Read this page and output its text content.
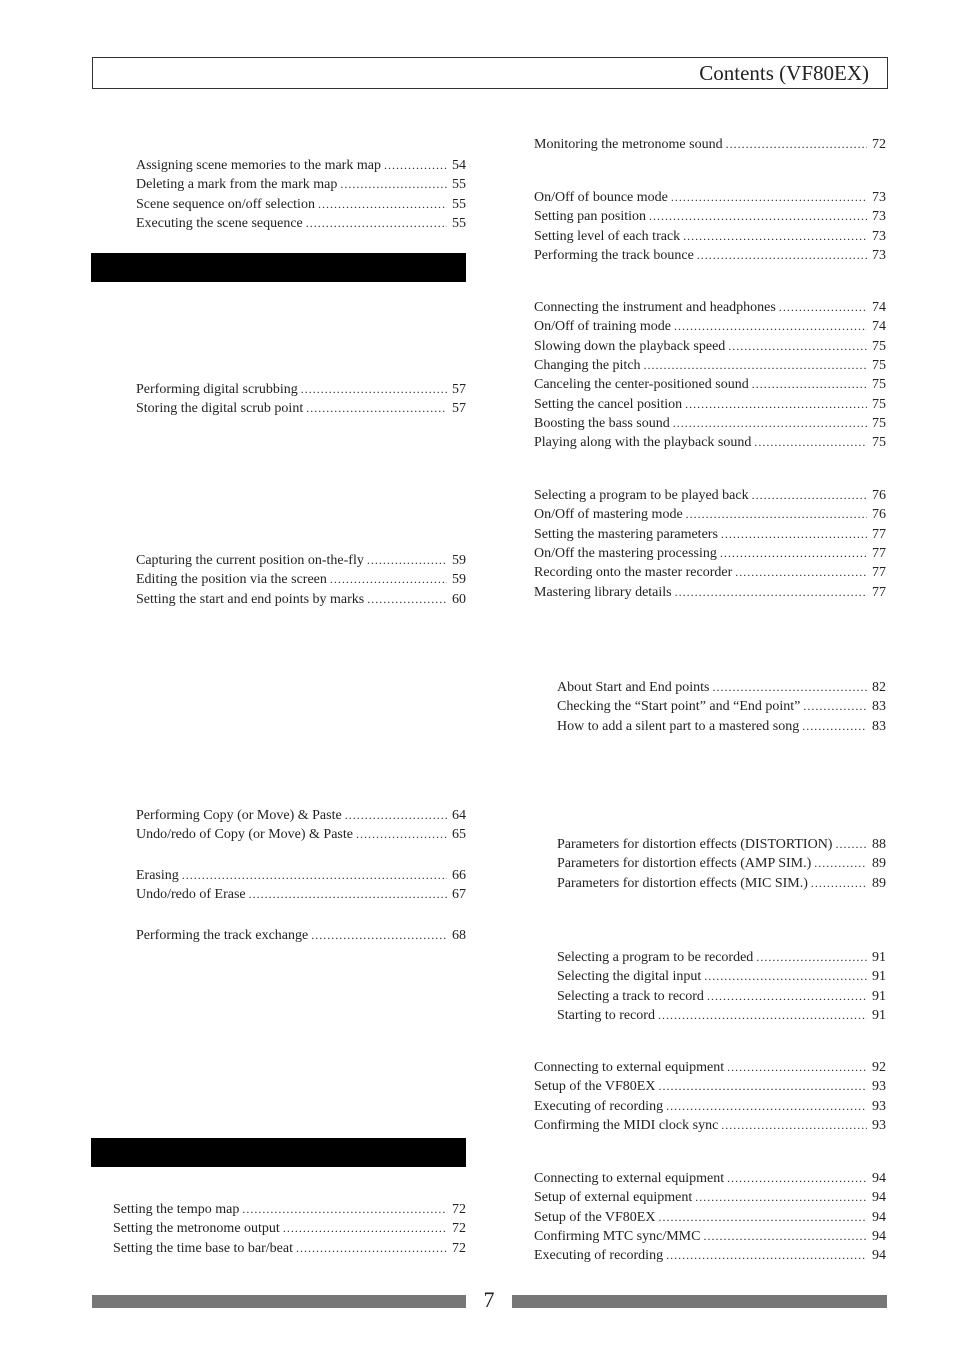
Contents (VF80EX)
Assigning scene memories to the mark map .....	54
Deleting a mark from the mark map .....	55
Scene sequence on/off selection .....	55
Executing the scene sequence .....	55
Performing digital scrubbing .....	57
Storing the digital scrub point .....	57
Capturing the current position on-the-fly .....	59
Editing the position via the screen .....	59
Setting the start and end points by marks .....	60
Performing Copy (or Move) & Paste .....	64
Undo/redo of Copy (or Move) & Paste .....	65
Erasing .....	66
Undo/redo of Erase .....	67
Performing the track exchange .....	68
Setting the tempo map .....	72
Setting the metronome output .....	72
Setting the time base to bar/beat .....	72
Monitoring the metronome sound .....	72
On/Off of bounce mode .....	73
Setting pan position .....	73
Setting level of each track .....	73
Performing the track bounce .....	73
Connecting the instrument and headphones .....	74
On/Off of training mode .....	74
Slowing down the playback speed .....	75
Changing the pitch .....	75
Canceling the center-positioned sound .....	75
Setting the cancel position .....	75
Boosting the bass sound .....	75
Playing along with the playback sound .....	75
Selecting a program to be played back .....	76
On/Off of mastering mode .....	76
Setting the mastering parameters .....	77
On/Off the mastering processing .....	77
Recording onto the master recorder .....	77
Mastering library details .....	77
About Start and End points .....	82
Checking the “Start point” and “End point” .....	83
How to add a silent part to a mastered song .....	83
Parameters for distortion effects (DISTORTION) .....	88
Parameters for distortion effects (AMP SIM.) .....	89
Parameters for distortion effects (MIC SIM.) .....	89
Selecting a program to be recorded .....	91
Selecting the digital input .....	91
Selecting a track to record .....	91
Starting to record .....	91
Connecting to external equipment .....	92
Setup of the VF80EX .....	93
Executing of recording .....	93
Confirming the MIDI clock sync .....	93
Connecting to external equipment .....	94
Setup of external equipment .....	94
Setup of the VF80EX .....	94
Confirming MTC sync/MMC .....	94
Executing of recording .....	94
7
